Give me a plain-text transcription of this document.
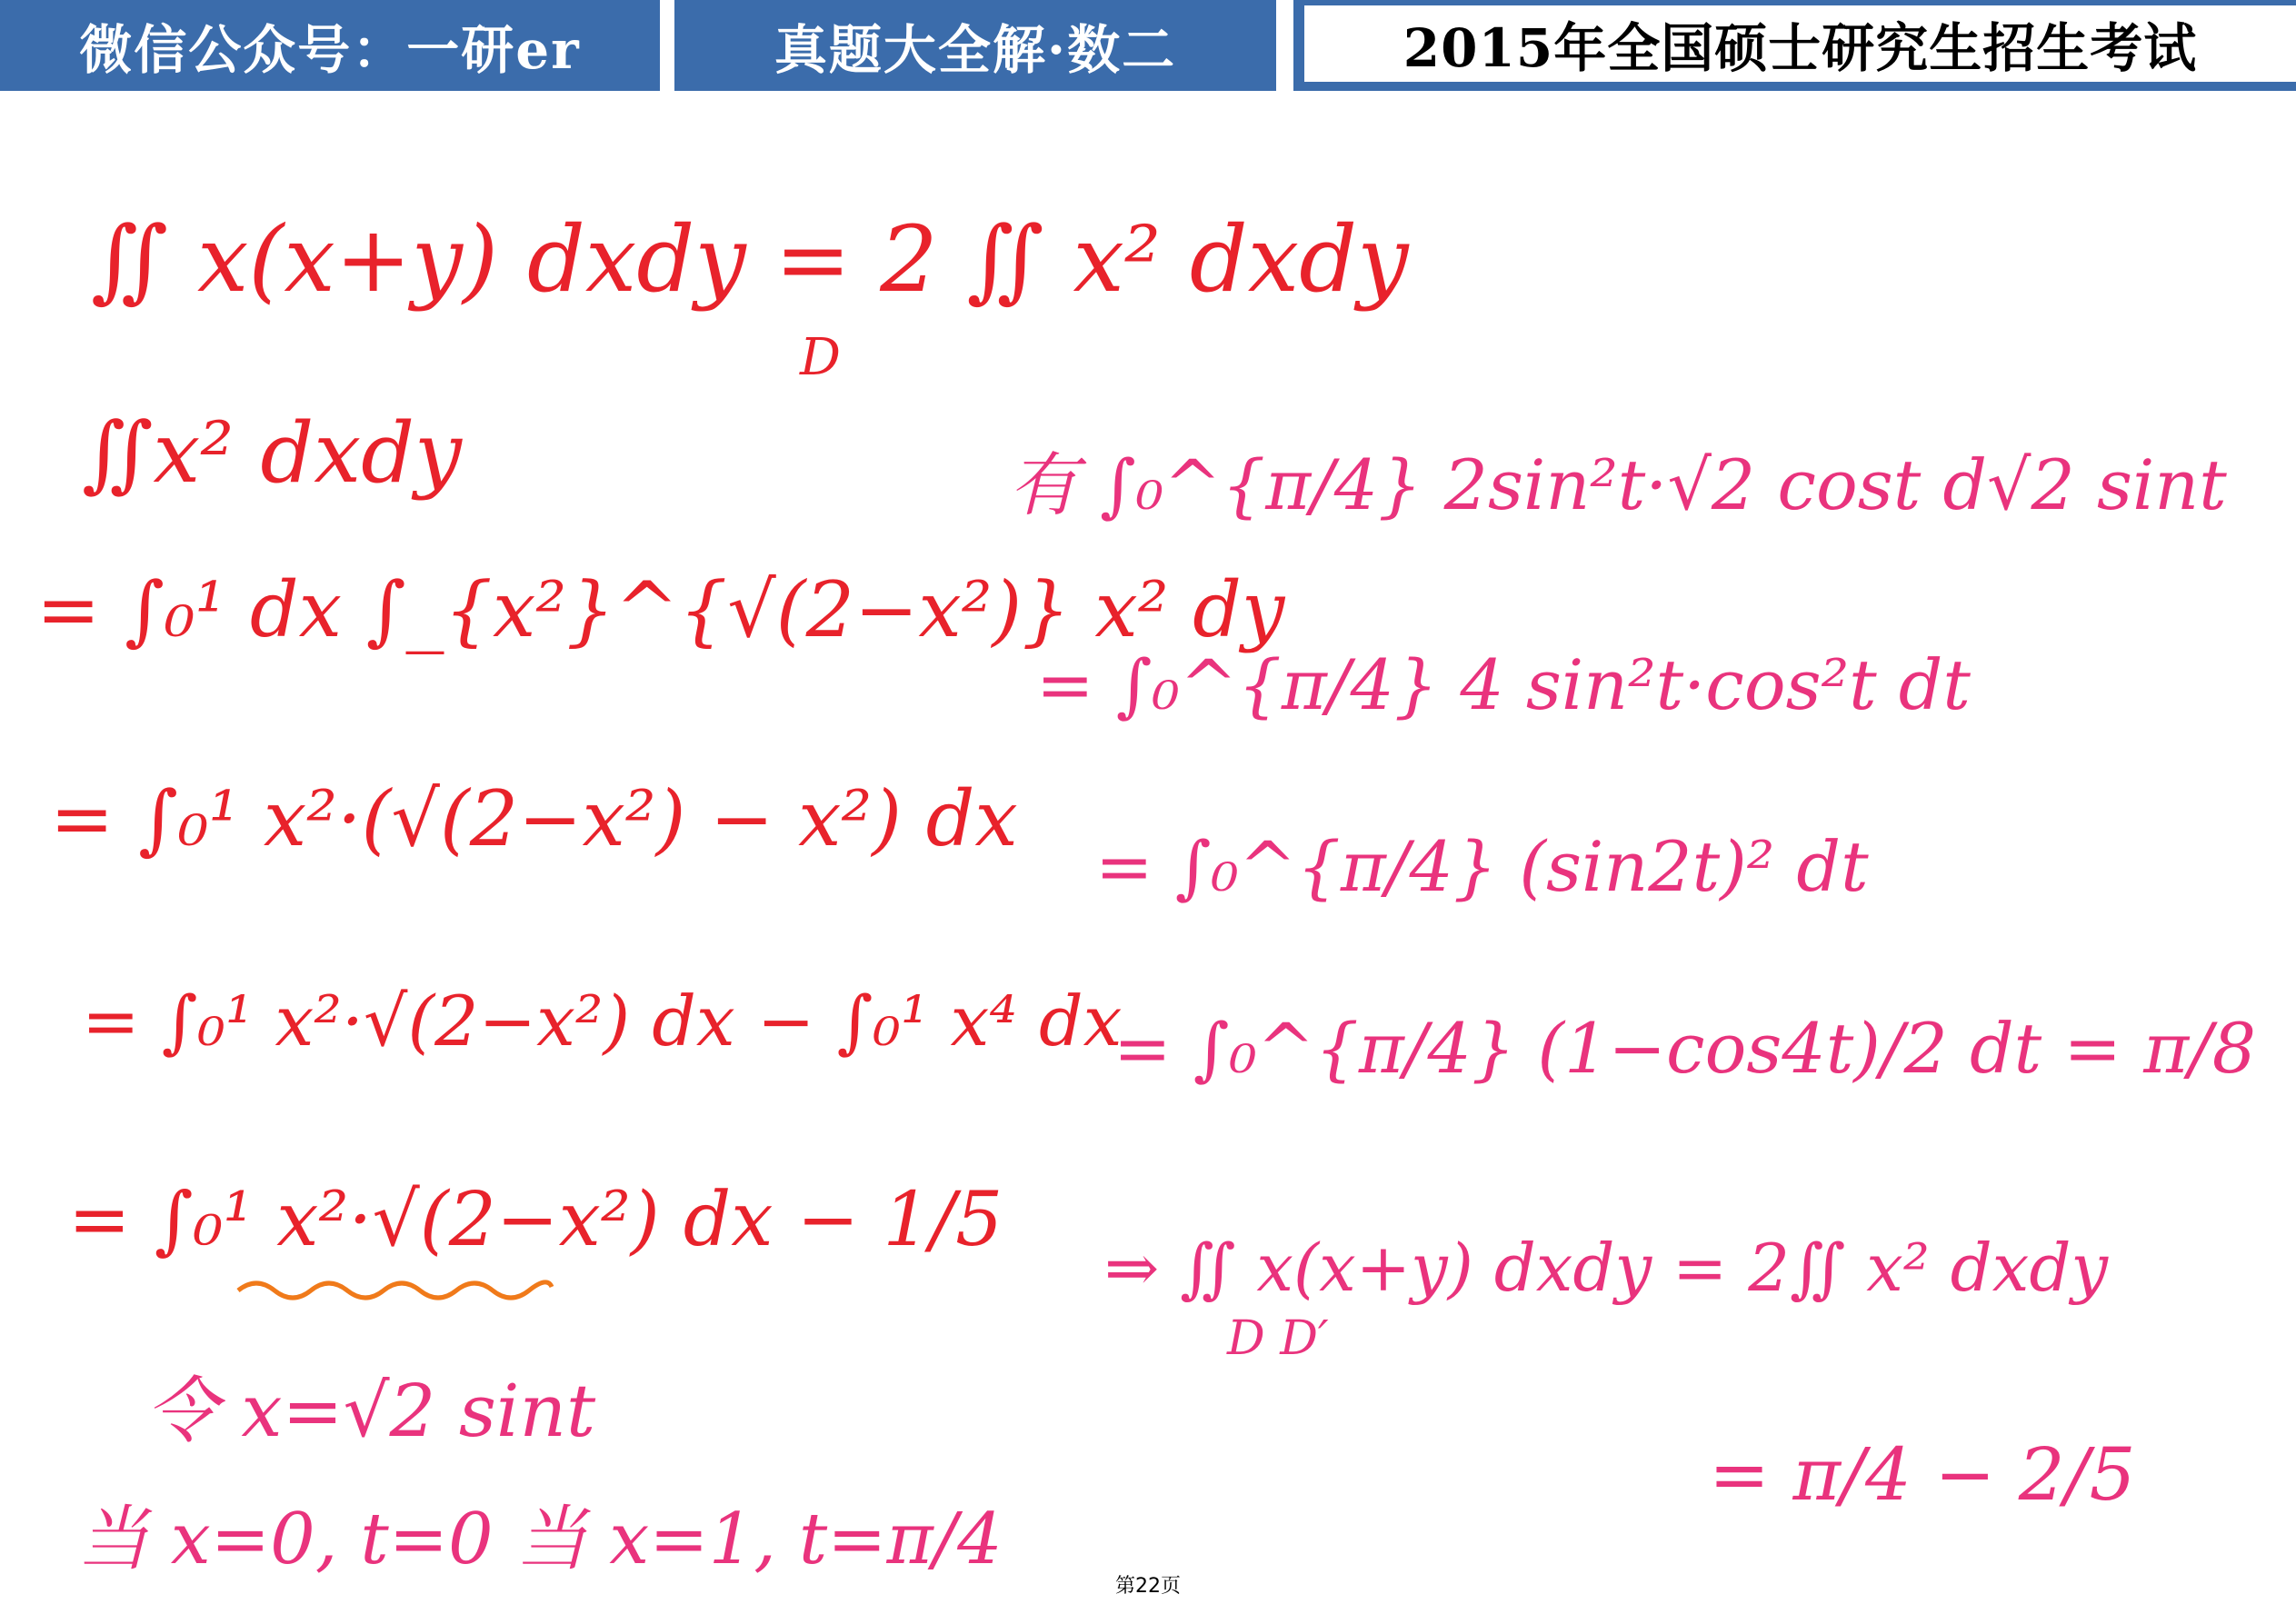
微信公众号：一研er	真题大全解·数二	2015年全国硕士研究生招生考试
∬ x(x+y) dxdy = 2 ∬ x² dxdy
D
∬x² dxdy
= ∫₀¹ dx ∫_{x²}^{√(2−x²)} x² dy
= ∫₀¹ x²·(√(2−x²) − x²) dx
= ∫₀¹ x²·√(2−x²) dx − ∫₀¹ x⁴ dx
= ∫₀¹ x²·√(2−x²) dx − 1/5
令 x=√2 sint
当 x=0, t=0 当 x=1, t=π/4
有 ∫₀^{π/4} 2sin²t·√2 cost d√2 sint
= ∫₀^{π/4} 4 sin²t·cos²t dt
= ∫₀^{π/4} (sin2t)² dt
= ∫₀^{π/4} (1−cos4t)/2 dt = π/8
⇒ ∬ x(x+y) dxdy = 2∬ x² dxdy
D D′
= π/4 − 2/5
第22页
